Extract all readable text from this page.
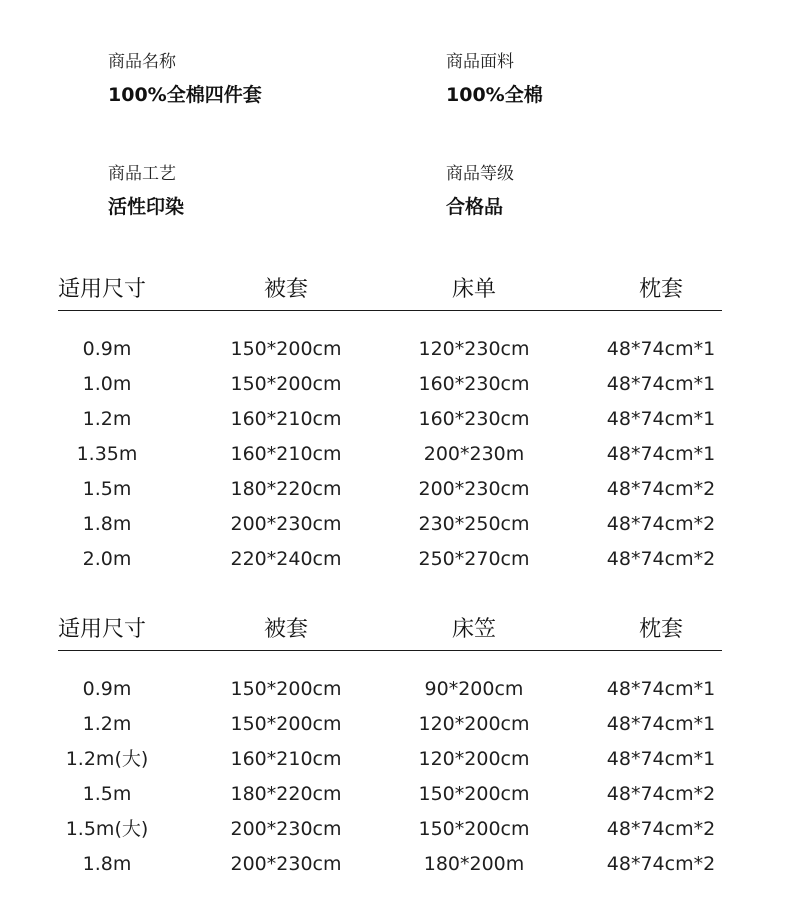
商品名称
100%全棉四件套
商品面料
100%全棉
商品工艺
活性印染
商品等级
合格品
适用尺寸	被套	床单	枕套
0.9m	150*200cm	120*230cm	48*74cm*1
1.0m	150*200cm	160*230cm	48*74cm*1
1.2m	160*210cm	160*230cm	48*74cm*1
1.35m	160*210cm	200*230m	48*74cm*1
1.5m	180*220cm	200*230cm	48*74cm*2
1.8m	200*230cm	230*250cm	48*74cm*2
2.0m	220*240cm	250*270cm	48*74cm*2
适用尺寸	被套	床笠	枕套
0.9m	150*200cm	90*200cm	48*74cm*1
1.2m	150*200cm	120*200cm	48*74cm*1
1.2m(大)	160*210cm	120*200cm	48*74cm*1
1.5m	180*220cm	150*200cm	48*74cm*2
1.5m(大)	200*230cm	150*200cm	48*74cm*2
1.8m	200*230cm	180*200m	48*74cm*2
